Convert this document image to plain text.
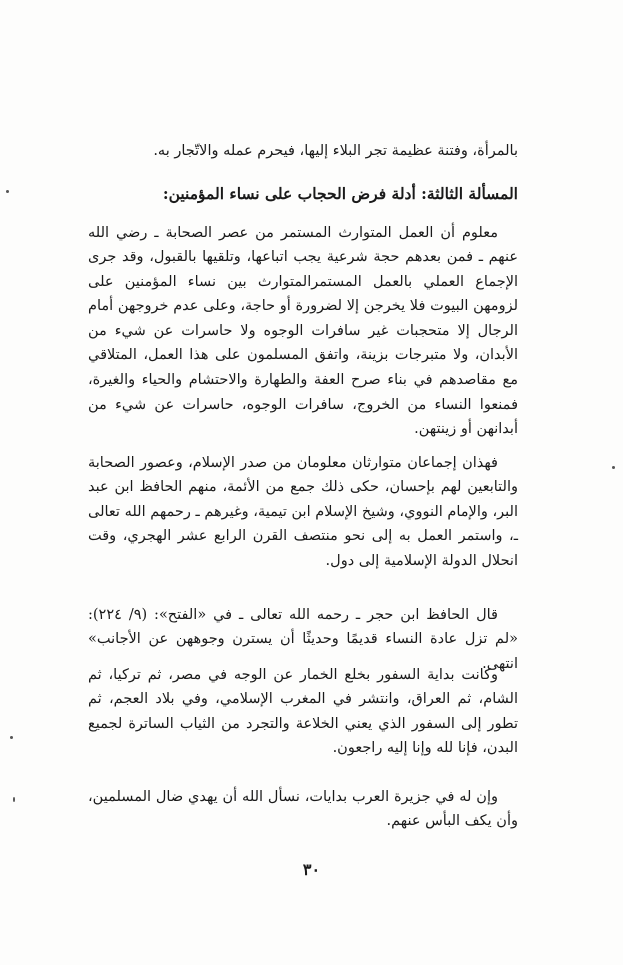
بالمرأة، وفتنة عظيمة تجر البلاء إليها، فيحرم عمله والاتّجار به.

المسألة الثالثة: أدلة فرض الحجاب على نساء المؤمنين:

معلوم أن العمل المتوارث المستمر من عصر الصحابة ـ رضي الله عنهم ـ فمن بعدهم حجة شرعية يجب اتباعها، وتلقيها بالقبول، وقد جرى الإجماع العملي بالعمل المستمرالمتوارث بين نساء المؤمنين على لزومهن البيوت فلا يخرجن إلا لضرورة أو حاجة، وعلى عدم خروجهن أمام الرجال إلا متحجبات غير سافرات الوجوه ولا حاسرات عن شيء من الأبدان، ولا متبرجات بزينة، واتفق المسلمون على هذا العمل، المتلاقي مع مقاصدهم في بناء صرح العفة والطهارة والاحتشام والحياء والغيرة، فمنعوا النساء من الخروج، سافرات الوجوه، حاسرات عن شيء من أبدانهن أو زينتهن.

فهذان إجماعان متوارثان معلومان من صدر الإسلام، وعصور الصحابة والتابعين لهم بإحسان، حكى ذلك جمع من الأئمة، منهم الحافظ ابن عبد البر، والإمام النووي، وشيخ الإسلام ابن تيمية، وغيرهم ـ رحمهم الله تعالى ـ، واستمر العمل به إلى نحو منتصف القرن الرابع عشر الهجري، وقت انحلال الدولة الإسلامية إلى دول.

قال الحافظ ابن حجر ـ رحمه الله تعالى ـ في «الفتح»: (٩/ ٢٢٤): «لم تزل عادة النساء قديمًا وحديثًا أن يسترن وجوههن عن الأجانب» انتهى.

وكانت بداية السفور بخلع الخمار عن الوجه في مصر، ثم تركيا، ثم الشام، ثم العراق، وانتشر في المغرب الإسلامي، وفي بلاد العجم، ثم تطور إلى السفور الذي يعني الخلاعة والتجرد من الثياب الساترة لجميع البدن، فإنا لله وإنا إليه راجعون.

وإن له في جزيرة العرب بدايات، نسأل الله أن يهدي ضال المسلمين، وأن يكف البأس عنهم.

٣٠
